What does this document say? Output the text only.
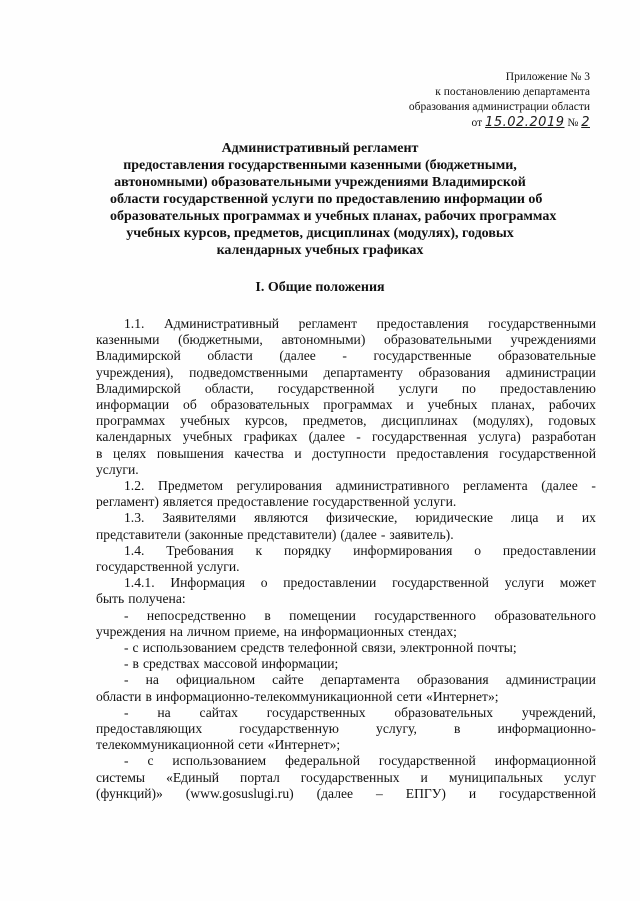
Приложение № 3
к постановлению департамента
образования администрации области
от 15.02.2019 № 2
Административный регламент
предоставления государственными казенными (бюджетными,
автономными) образовательными учреждениями Владимирской
области государственной услуги по предоставлению информации об
образовательных программах и учебных планах, рабочих программах
учебных курсов, предметов, дисциплинах (модулях), годовых
календарных учебных графиках
I. Общие положения
1.1. Административный регламент предоставления государственными
казенными (бюджетными, автономными) образовательными учреждениями
Владимирской области (далее - государственные образовательные
учреждения), подведомственными департаменту образования администрации
Владимирской области, государственной услуги по предоставлению
информации об образовательных программах и учебных планах, рабочих
программах учебных курсов, предметов, дисциплинах (модулях), годовых
календарных учебных графиках (далее - государственная услуга) разработан
в целях повышения качества и доступности предоставления государственной
услуги.
1.2. Предметом регулирования административного регламента (далее -
регламент) является предоставление государственной услуги.
1.3. Заявителями являются физические, юридические лица и их
представители (законные представители) (далее - заявитель).
1.4. Требования к порядку информирования о предоставлении
государственной услуги.
1.4.1. Информация о предоставлении государственной услуги может
быть получена:
- непосредственно в помещении государственного образовательного
учреждения на личном приеме, на информационных стендах;
- с использованием средств телефонной связи, электронной почты;
- в средствах массовой информации;
- на официальном сайте департамента образования администрации
области в информационно-телекоммуникационной сети «Интернет»;
- на сайтах государственных образовательных учреждений,
предоставляющих	государственную	услугу,	в	информационно-
телекоммуникационной сети «Интернет»;
- с использованием федеральной государственной информационной
системы «Единый портал государственных и муниципальных услуг
(функций)» (www.gosuslugi.ru) (далее – ЕПГУ) и государственной
